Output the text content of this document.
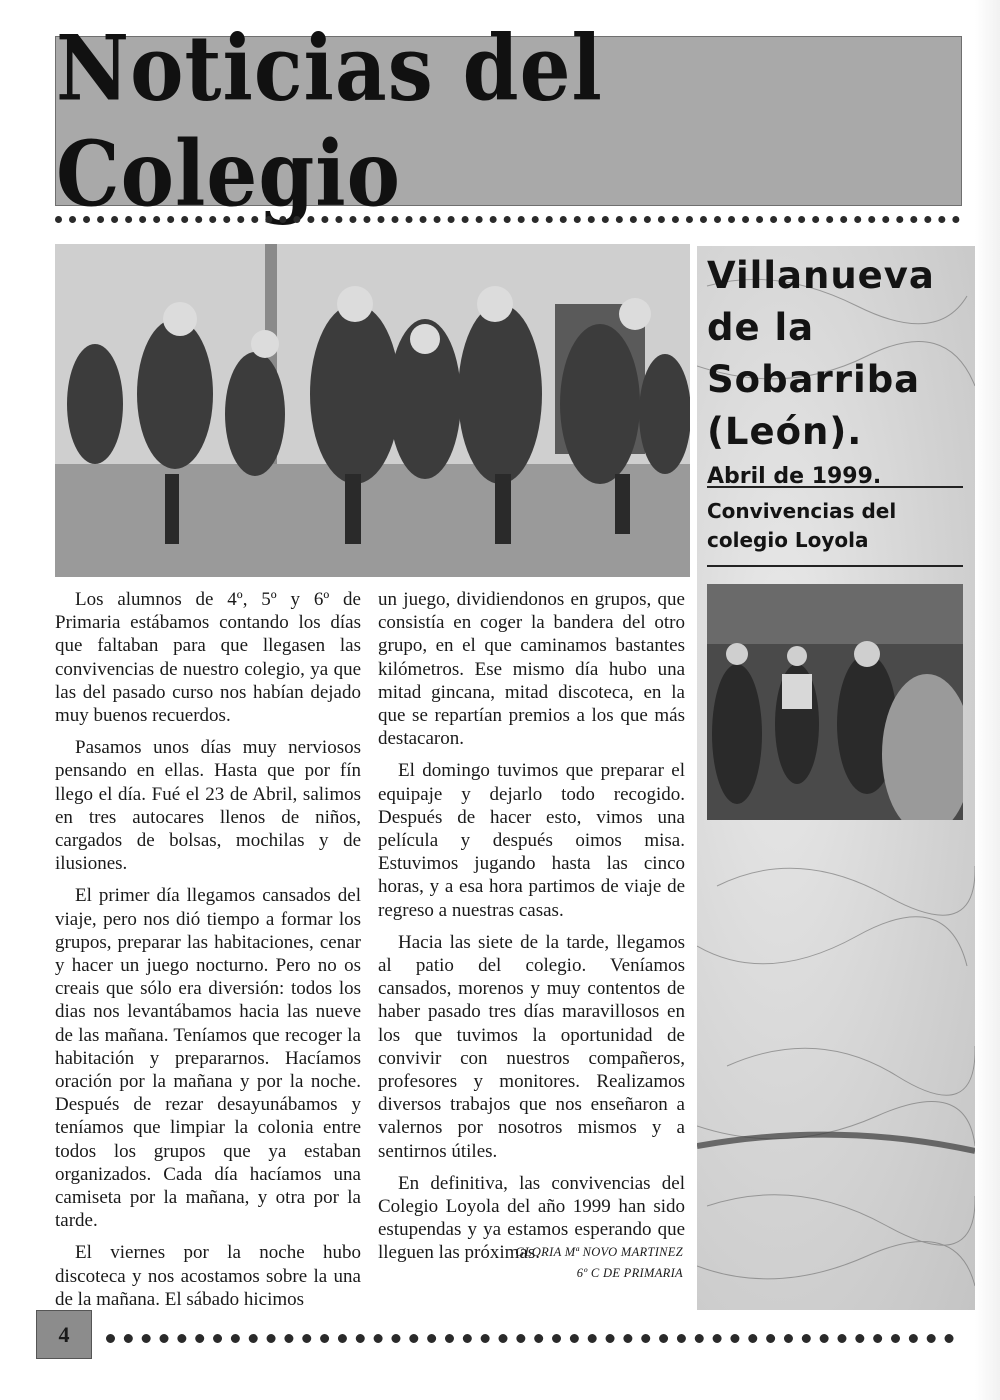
Noticias del Colegio
Villanueva
de la
Sobarriba
(León).
Abril de 1999.
Convivencias del
colegio Loyola

Los alumnos de 4º, 5º y 6º de Primaria estábamos contando los días que faltaban para que llegasen las convivencias de nuestro colegio, ya que las del pasado curso nos habían dejado muy buenos recuerdos.

Pasamos unos días muy nerviosos pensando en ellas. Hasta que por fín llego el día. Fué el 23 de Abril, salimos en tres autocares llenos de niños, cargados de bolsas, mochilas y de ilusiones.

El primer día llegamos cansados del viaje, pero nos dió tiempo a formar los grupos, preparar las habitaciones, cenar y hacer un juego nocturno. Pero no os creais que sólo era diversión: todos los dias nos levantábamos hacia las nueve de las mañana. Teníamos que recoger la habitación y prepararnos. Hacíamos oración por la mañana y por la noche. Después de rezar desayunábamos y teníamos que limpiar la colonia entre todos los grupos que ya estaban organizados. Cada día hacíamos una camiseta por la mañana, y otra por la tarde.

El viernes por la noche hubo discoteca y nos acostamos sobre la una de la mañana. El sábado hicimos

un juego, dividiendonos en grupos, que consistía en coger la bandera del otro grupo, en el que caminamos bastantes kilómetros. Ese mismo día hubo una mitad gincana, mitad discoteca, en la que se repartían premios a los que más destacaron.

El domingo tuvimos que preparar el equipaje y dejarlo todo recogido. Después de hacer esto, vimos una película y después oimos misa. Estuvimos jugando hasta las cinco horas, y a esa hora partimos de viaje de regreso a nuestras casas.

Hacia las siete de la tarde, llegamos al patio del colegio. Veníamos cansados, morenos y muy contentos de haber pasado tres días maravillosos en los que tuvimos la oportunidad de convivir con nuestros compañeros, profesores y monitores. Realizamos diversos trabajos que nos enseñaron a valernos por nosotros mismos y a sentirnos útiles.

En definitiva, las convivencias del Colegio Loyola del año 1999 han sido estupendas y ya estamos esperando que lleguen las próximas.

GLORIA Mª NOVO MARTINEZ
6º C DE PRIMARIA
4
